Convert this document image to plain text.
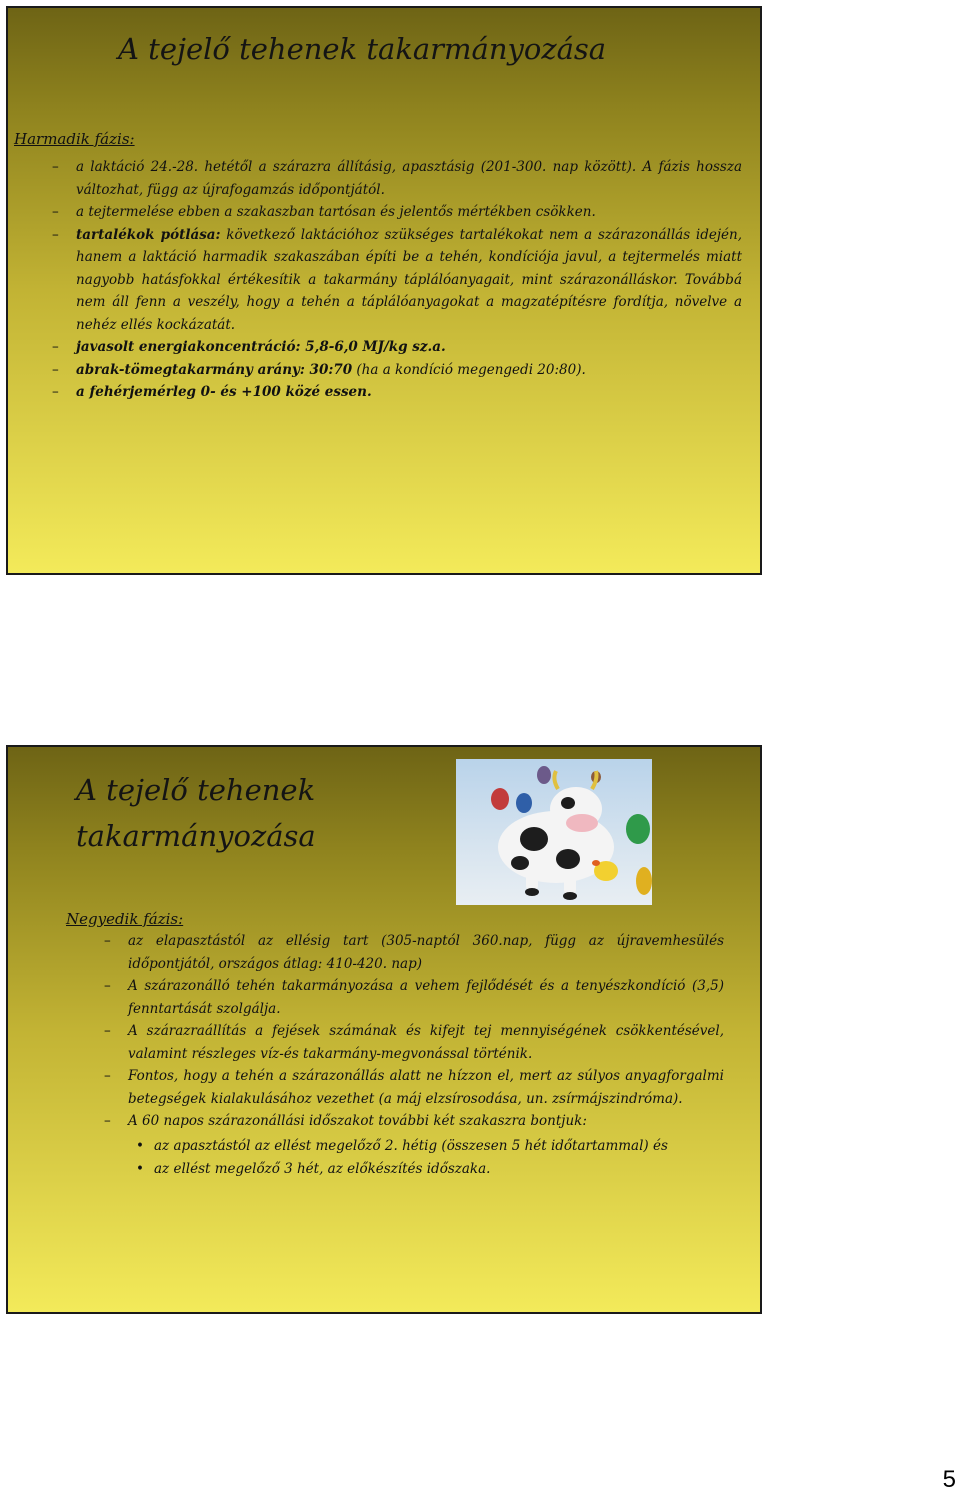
A tejelő tehenek takarmányozása
Harmadik fázis:
– a laktáció 24.-28. hetétől a szárazra állításig, apasztásig (201-300. nap között). A fázis hossza változhat, függ az újrafogamzás időpontjától.
– a tejtermelése ebben a szakaszban tartósan és jelentős mértékben csökken.
– tartalékok pótlása: következő laktációhoz szükséges tartalékokat nem a szárazonállás idején, hanem a laktáció harmadik szakaszában építi be a tehén, kondíciója javul, a tejtermelés miatt nagyobb hatásfokkal értékesítik a takarmány táplálóanyagait, mint szárazonálláskor. Továbbá nem áll fenn a veszély, hogy a tehén a táplálóanyagokat a magzatépítésre fordítja, növelve a nehéz ellés kockázatát.
– javasolt energiakoncentráció: 5,8-6,0 MJ/kg sz.a.
– abrak-tömegtakarmány arány: 30:70 (ha a kondíció megengedi 20:80).
– a fehérjemérleg 0- és +100 közé essen.
A tejelő tehenek takarmányozása
Negyedik fázis:
– az elapasztástól az ellésig tart (305-naptól 360.nap, függ az újravemhesülés időpontjától, országos átlag: 410-420. nap)
– A szárazonálló tehén takarmányozása a vehem fejlődését és a tenyészkondíció (3,5) fenntartását szolgálja.
– A szárazraállítás a fejések számának és kifejt tej mennyiségének csökkentésével, valamint részleges víz-és takarmány-megvonással történik.
– Fontos, hogy a tehén a szárazonállás alatt ne hízzon el, mert az súlyos anyagforgalmi betegségek kialakulásához vezethet (a máj elzsírosodása, un. zsírmájszindróma).
– A 60 napos szárazonállási időszakot további két szakaszra bontjuk:
• az apasztástól az ellést megelőző 2. hétig (összesen 5 hét időtartammal) és
• az ellést megelőző 3 hét, az előkészítés időszaka.
5
